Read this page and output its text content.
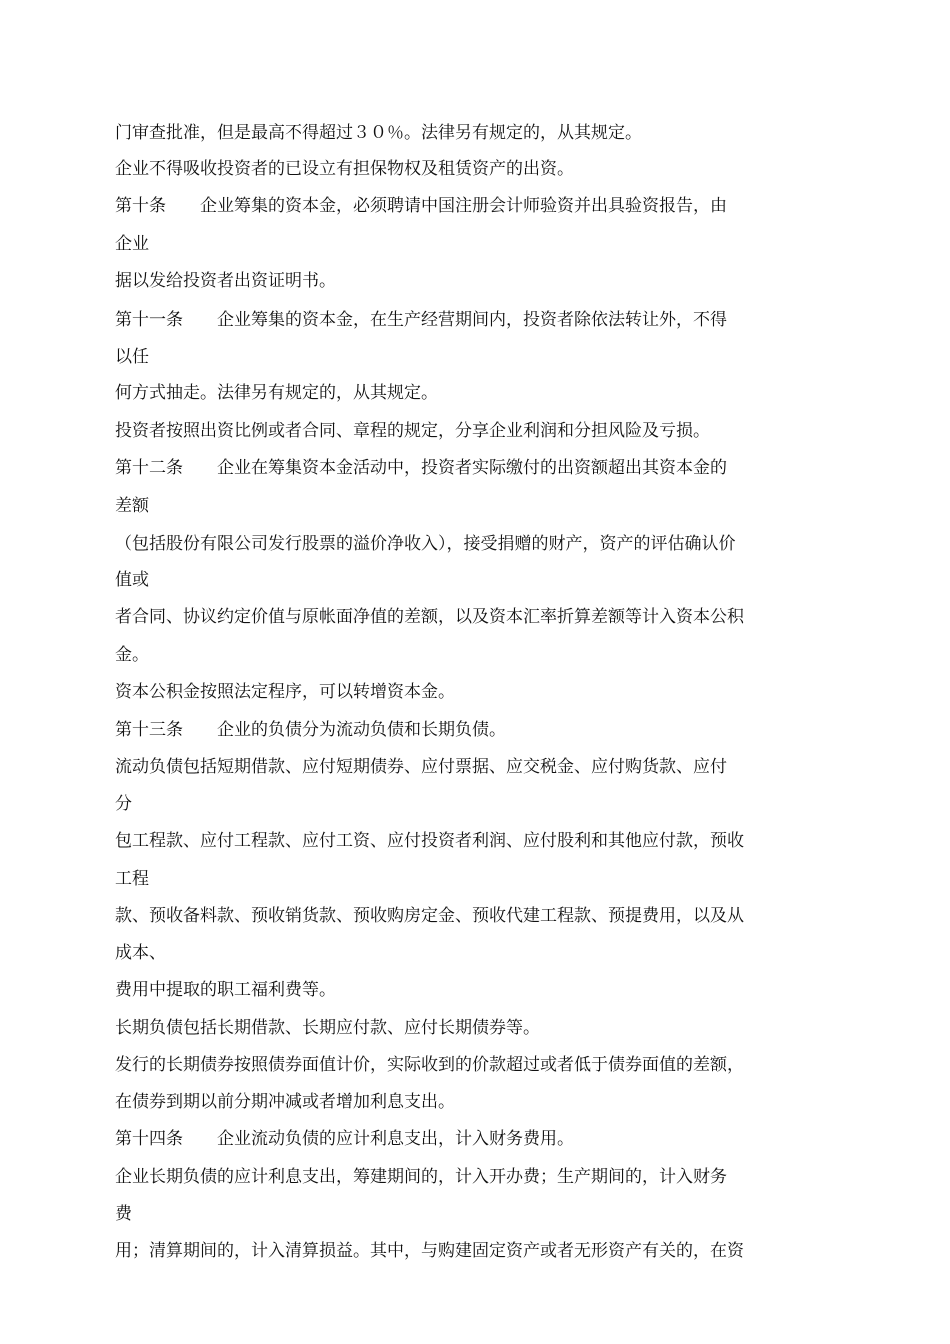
门审查批准，但是最高不得超过３０％。法律另有规定的，从其规定。
企业不得吸收投资者的已设立有担保物权及租赁资产的出资。
第十条　　企业筹集的资本金，必须聘请中国注册会计师验资并出具验资报告，由
企业
据以发给投资者出资证明书。
第十一条　　企业筹集的资本金，在生产经营期间内，投资者除依法转让外，不得
以任
何方式抽走。法律另有规定的，从其规定。
投资者按照出资比例或者合同、章程的规定，分享企业利润和分担风险及亏损。
第十二条　　企业在筹集资本金活动中，投资者实际缴付的出资额超出其资本金的
差额
（包括股份有限公司发行股票的溢价净收入），接受捐赠的财产，资产的评估确认价
值或
者合同、协议约定价值与原帐面净值的差额，以及资本汇率折算差额等计入资本公积
金。
资本公积金按照法定程序，可以转增资本金。
第十三条　　企业的负债分为流动负债和长期负债。
流动负债包括短期借款、应付短期债券、应付票据、应交税金、应付购货款、应付
分
包工程款、应付工程款、应付工资、应付投资者利润、应付股利和其他应付款，预收
工程
款、预收备料款、预收销货款、预收购房定金、预收代建工程款、预提费用，以及从
成本、
费用中提取的职工福利费等。
长期负债包括长期借款、长期应付款、应付长期债券等。
发行的长期债券按照债券面值计价，实际收到的价款超过或者低于债券面值的差额，
在债券到期以前分期冲减或者增加利息支出。
第十四条　　企业流动负债的应计利息支出，计入财务费用。
企业长期负债的应计利息支出，筹建期间的，计入开办费；生产期间的，计入财务
费
用；清算期间的，计入清算损益。其中，与购建固定资产或者无形资产有关的，在资
